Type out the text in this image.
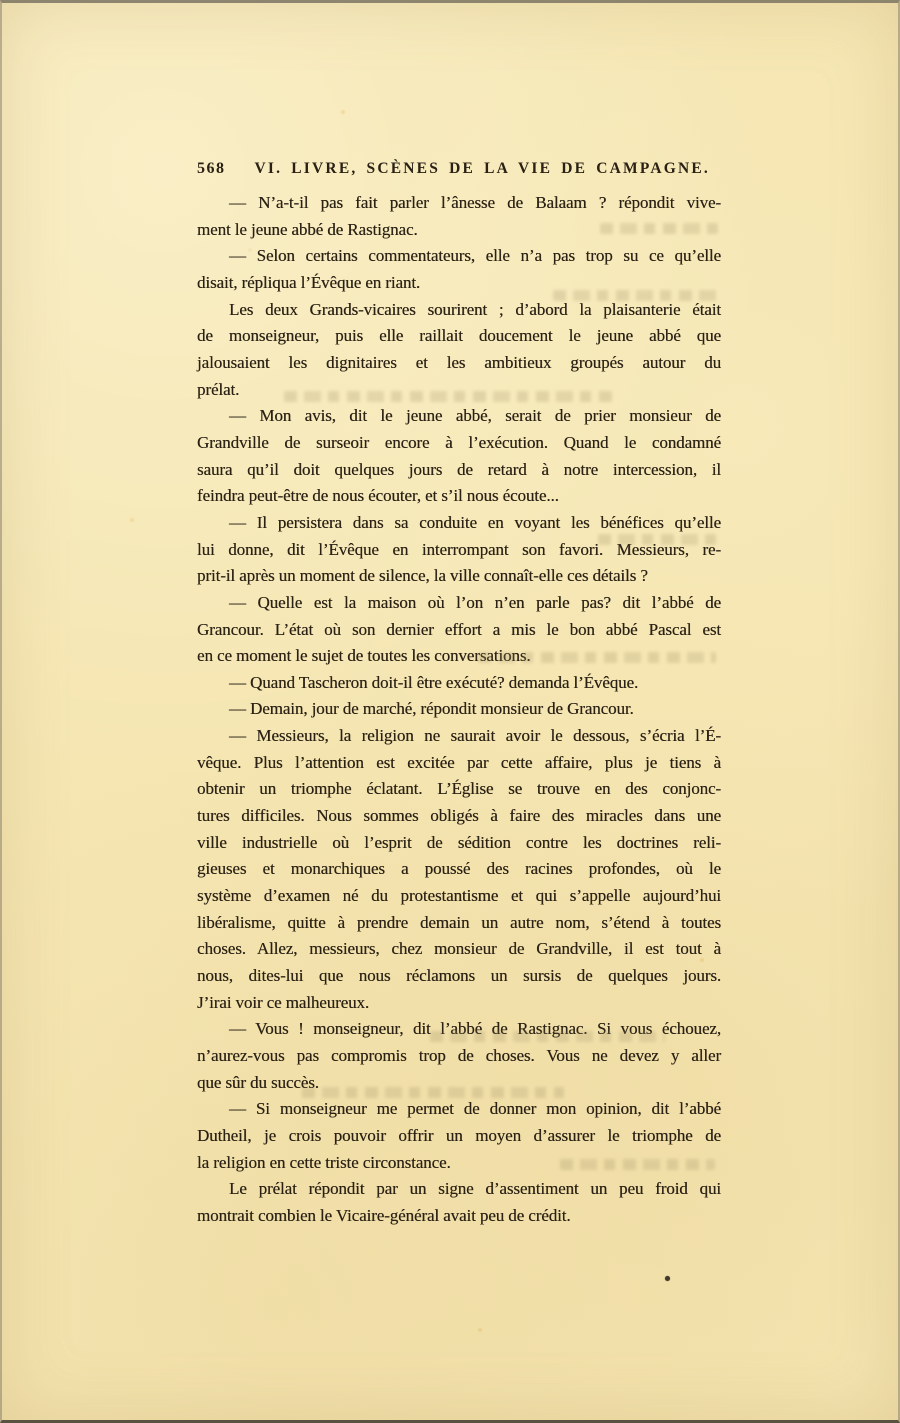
568	VI. LIVRE, SCÈNES DE LA VIE DE CAMPAGNE.
— N’a-t-il pas fait parler l’ânesse de Balaam ? répondit vive-
ment le jeune abbé de Rastignac.
— Selon certains commentateurs, elle n’a pas trop su ce qu’elle
disait, répliqua l’Évêque en riant.
Les deux Grands-vicaires sourirent ; d’abord la plaisanterie était
de monseigneur, puis elle raillait doucement le jeune abbé que
jalousaient les dignitaires et les ambitieux groupés autour du
prélat.
— Mon avis, dit le jeune abbé, serait de prier monsieur de
Grandville de surseoir encore à l’exécution. Quand le condamné
saura qu’il doit quelques jours de retard à notre intercession, il
feindra peut-être de nous écouter, et s’il nous écoute...
— Il persistera dans sa conduite en voyant les bénéfices qu’elle
lui donne, dit l’Évêque en interrompant son favori. Messieurs, re-
prit-il après un moment de silence, la ville connaît-elle ces détails ?
— Quelle est la maison où l’on n’en parle pas? dit l’abbé de
Grancour. L’état où son dernier effort a mis le bon abbé Pascal est
en ce moment le sujet de toutes les conversations.
— Quand Tascheron doit-il être exécuté? demanda l’Évêque.
— Demain, jour de marché, répondit monsieur de Grancour.
— Messieurs, la religion ne saurait avoir le dessous, s’écria l’É-
vêque. Plus l’attention est excitée par cette affaire, plus je tiens à
obtenir un triomphe éclatant. L’Église se trouve en des conjonc-
tures difficiles. Nous sommes obligés à faire des miracles dans une
ville industrielle où l’esprit de sédition contre les doctrines reli-
gieuses et monarchiques a poussé des racines profondes, où le
système d’examen né du protestantisme et qui s’appelle aujourd’hui
libéralisme, quitte à prendre demain un autre nom, s’étend à toutes
choses. Allez, messieurs, chez monsieur de Grandville, il est tout à
nous, dites-lui que nous réclamons un sursis de quelques jours.
J’irai voir ce malheureux.
— Vous ! monseigneur, dit l’abbé de Rastignac. Si vous échouez,
n’aurez-vous pas compromis trop de choses. Vous ne devez y aller
que sûr du succès.
— Si monseigneur me permet de donner mon opinion, dit l’abbé
Dutheil, je crois pouvoir offrir un moyen d’assurer le triomphe de
la religion en cette triste circonstance.
Le prélat répondit par un signe d’assentiment un peu froid qui
montrait combien le Vicaire-général avait peu de crédit.
